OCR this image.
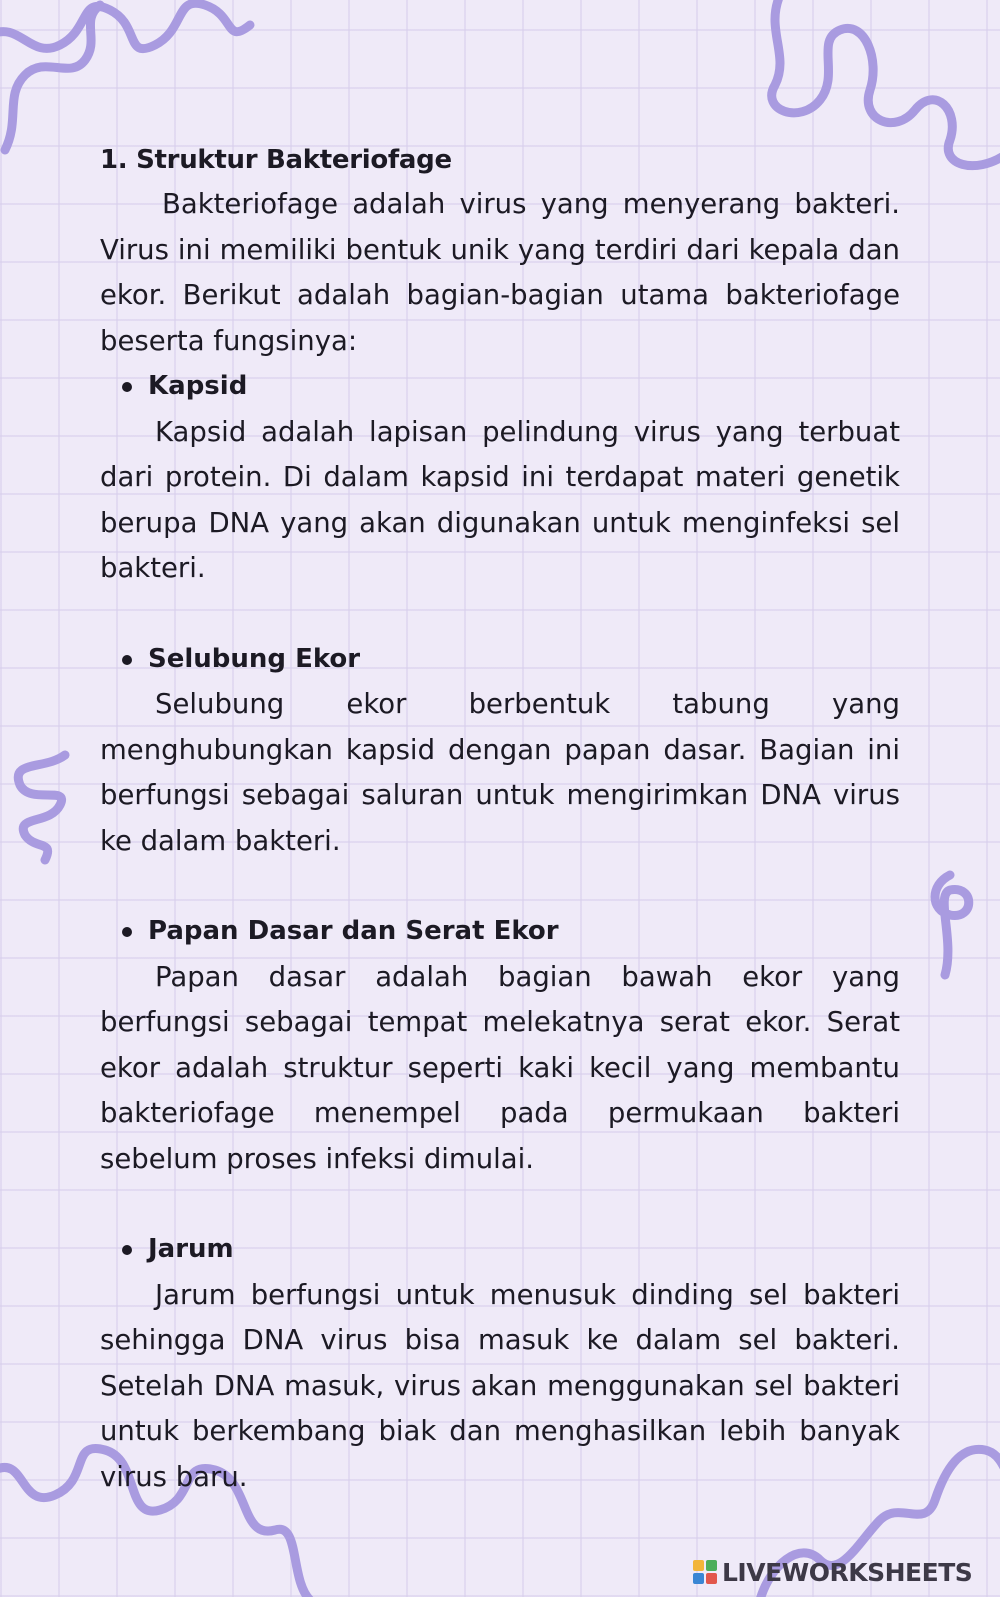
1. Struktur Bakteriofage

Bakteriofage adalah virus yang menyerang bakteri. Virus ini memiliki bentuk unik yang terdiri dari kepala dan ekor. Berikut adalah bagian-bagian utama bakteriofage beserta fungsinya:

Kapsid

Kapsid adalah lapisan pelindung virus yang terbuat dari protein. Di dalam kapsid ini terdapat materi genetik berupa DNA yang akan digunakan untuk menginfeksi sel bakteri.

Selubung Ekor

Selubung ekor berbentuk tabung yang menghubungkan kapsid dengan papan dasar. Bagian ini berfungsi sebagai saluran untuk mengirimkan DNA virus ke dalam bakteri.

Papan Dasar dan Serat Ekor

Papan dasar adalah bagian bawah ekor yang berfungsi sebagai tempat melekatnya serat ekor. Serat ekor adalah struktur seperti kaki kecil yang membantu bakteriofage menempel pada permukaan bakteri sebelum proses infeksi dimulai.

Jarum

Jarum berfungsi untuk menusuk dinding sel bakteri sehingga DNA virus bisa masuk ke dalam sel bakteri. Setelah DNA masuk, virus akan menggunakan sel bakteri untuk berkembang biak dan menghasilkan lebih banyak virus baru.

LIVEWORKSHEETS
